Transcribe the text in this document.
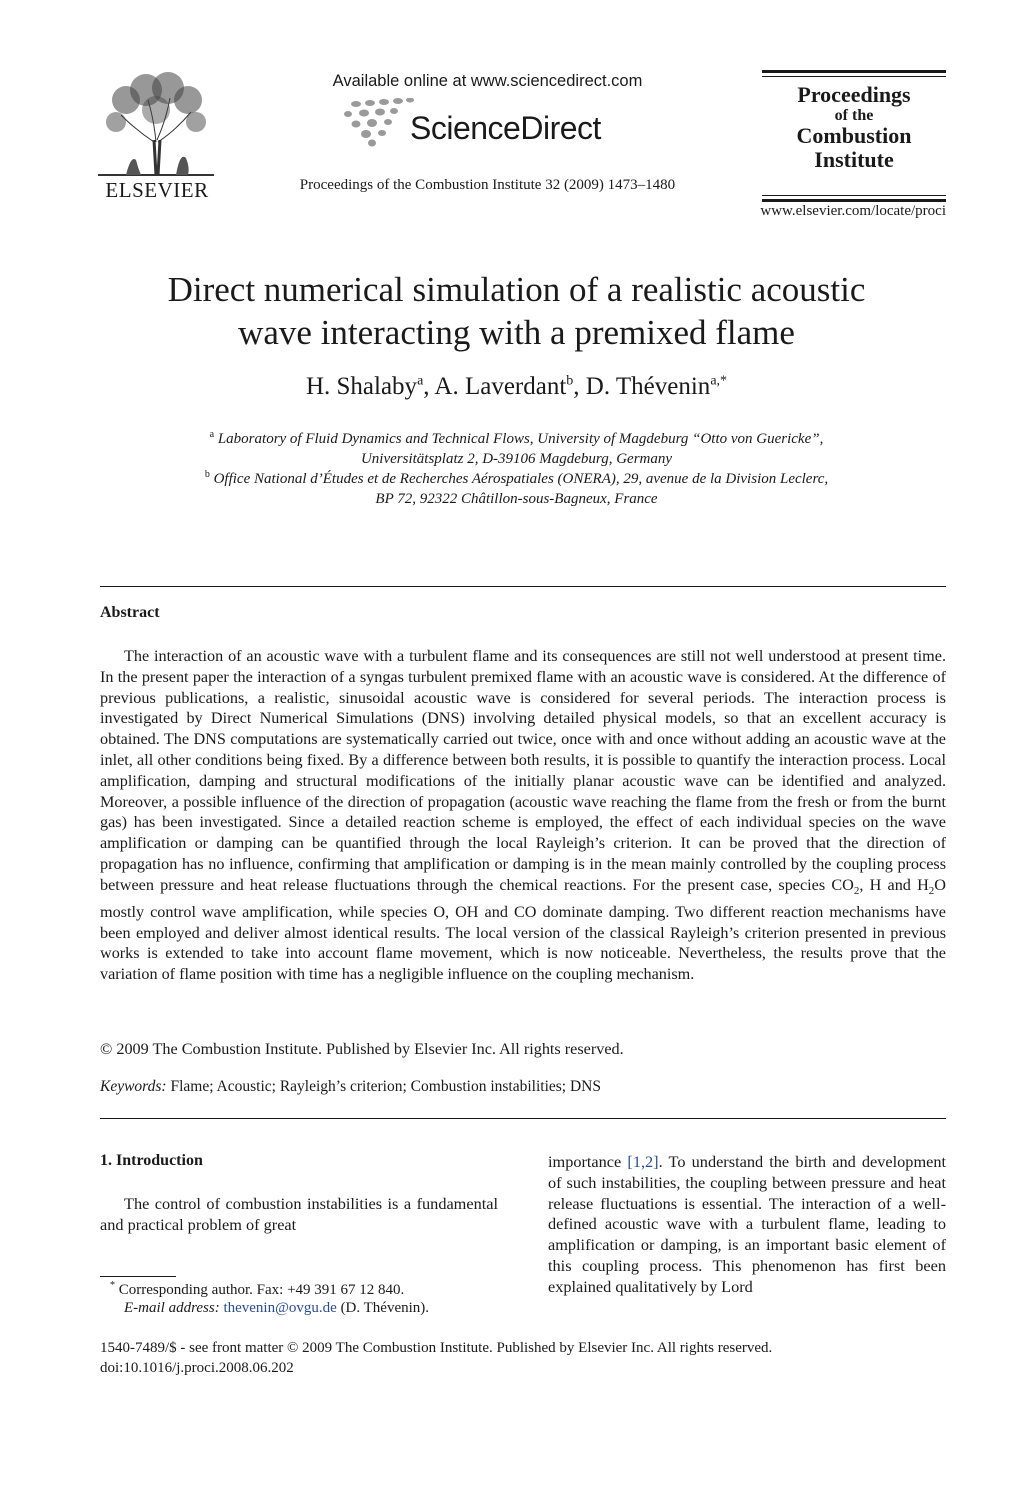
ELSEVIER
Available online at www.sciencedirect.com
ScienceDirect
Proceedings of the Combustion Institute 32 (2009) 1473–1480
Proceedings
of the
Combustion
Institute
www.elsevier.com/locate/proci
Direct numerical simulation of a realistic acoustic
wave interacting with a premixed flame
H. Shalaby$^a$, A. Laverdant$^b$, D. Thévenin$^{a,*}$
$^a$ Laboratory of Fluid Dynamics and Technical Flows, University of Magdeburg “Otto von Guericke”,
Universitätsplatz 2, D-39106 Magdeburg, Germany
$^b$ Office National d’Études et de Recherches Aérospatiales (ONERA), 29, avenue de la Division Leclerc,
BP 72, 92322 Châtillon-sous-Bagneux, France
Abstract
The interaction of an acoustic wave with a turbulent flame and its consequences are still not well understood at present time. In the present paper the interaction of a syngas turbulent premixed flame with an acoustic wave is considered. At the difference of previous publications, a realistic, sinusoidal acoustic wave is considered for several periods. The interaction process is investigated by Direct Numerical Simulations (DNS) involving detailed physical models, so that an excellent accuracy is obtained. The DNS computations are systematically carried out twice, once with and once without adding an acoustic wave at the inlet, all other conditions being fixed. By a difference between both results, it is possible to quantify the interaction process. Local amplification, damping and structural modifications of the initially planar acoustic wave can be identified and analyzed. Moreover, a possible influence of the direction of propagation (acoustic wave reaching the flame from the fresh or from the burnt gas) has been investigated. Since a detailed reaction scheme is employed, the effect of each individual species on the wave amplification or damping can be quantified through the local Rayleigh’s criterion. It can be proved that the direction of propagation has no influence, confirming that amplification or damping is in the mean mainly controlled by the coupling process between pressure and heat release fluctuations through the chemical reactions. For the present case, species $CO_2$, H and $H_2O$ mostly control wave amplification, while species O, OH and CO dominate damping. Two different reaction mechanisms have been employed and deliver almost identical results. The local version of the classical Rayleigh’s criterion presented in previous works is extended to take into account flame movement, which is now noticeable. Nevertheless, the results prove that the variation of flame position with time has a negligible influence on the coupling mechanism.
© 2009 The Combustion Institute. Published by Elsevier Inc. All rights reserved.
Keywords: Flame; Acoustic; Rayleigh’s criterion; Combustion instabilities; DNS
1. Introduction
The control of combustion instabilities is a fundamental and practical problem of great
importance [1,2]. To understand the birth and development of such instabilities, the coupling between pressure and heat release fluctuations is essential. The interaction of a well-defined acoustic wave with a turbulent flame, leading to amplification or damping, is an important basic element of this coupling process. This phenomenon has first been explained qualitatively by Lord
* Corresponding author. Fax: +49 391 67 12 840.
E-mail address: thevenin@ovgu.de (D. Thévenin).
1540-7489/$ - see front matter © 2009 The Combustion Institute. Published by Elsevier Inc. All rights reserved.
doi:10.1016/j.proci.2008.06.202
